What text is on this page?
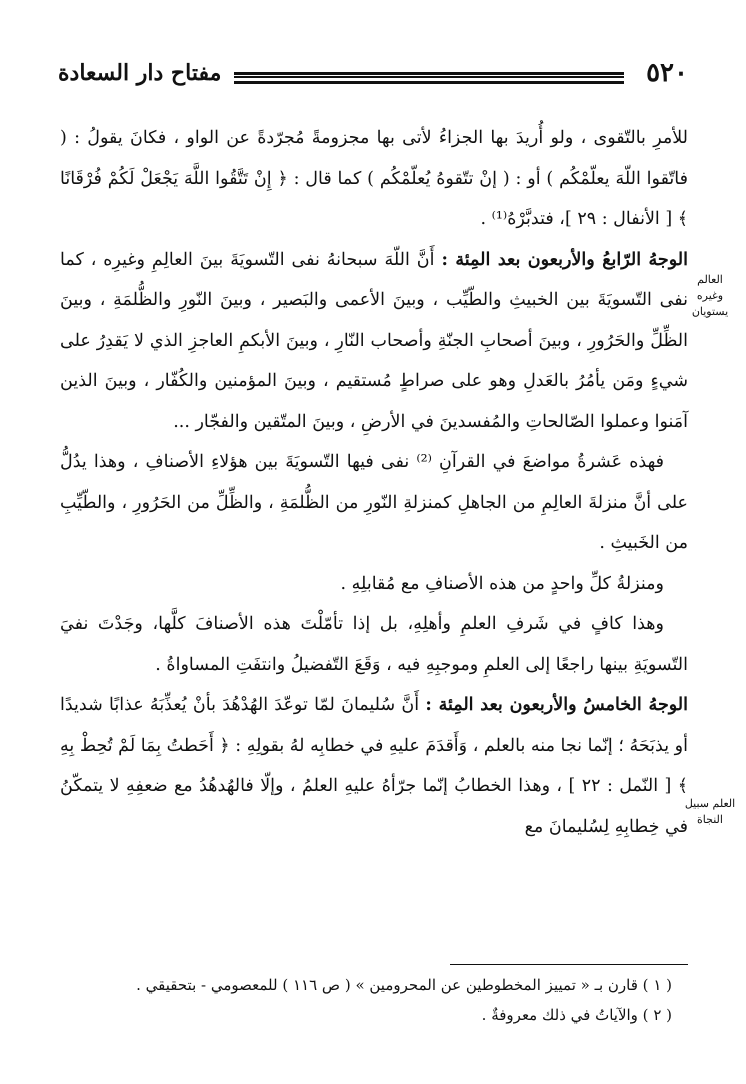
مفتاح دار السعادة	٥٢٠
العالم وغيره يستويان
العلم سبيل النجاة

للأمرِ بالتّقوى ، ولو أُريدَ بها الجزاءُ لأتى بها مجزومةً مُجرّدةً عن الواو ، فكانَ يقولُ : ( فاتّقوا اللّهَ يعلّمْكُم ) أو : ( إنْ تتّقوهُ يُعلّمْكُم ) كما قال : ﴿ إِنْ تَتَّقُوا اللَّهَ يَجْعَلْ لَكُمْ فُرْقَانًا ﴾ [ الأنفال : ٢٩ ]، فتدبَّرْهُ⁽¹⁾ .

الوجهُ الرّابعُ والأربعون بعد المِئة : أَنَّ اللّهَ سبحانهُ نفى التّسويَةَ بينَ العالِمِ وغيرِه ، كما نفى التّسويَةَ بين الخبيثِ والطّيِّب ، وبينَ الأعمى والبَصير ، وبينَ النّورِ والظُّلمَةِ ، وبينَ الظِّلِّ والحَرُورِ ، وبينَ أصحابِ الجنّةِ وأصحاب النّارِ ، وبينَ الأبكمِ العاجزِ الذي لا يَقدِرُ على شيءٍ ومَن يأمُرُ بالعَدلِ وهو على صراطٍ مُستقيم ، وبينَ المؤمنين والكُفّار ، وبينَ الذين آمَنوا وعملوا الصّالحاتِ والمُفسدينَ في الأرضِ ، وبينَ المتّقين والفجّار ...

فهذه عَشرةُ مواضعَ في القرآنِ ⁽²⁾ نفى فيها التّسويَةَ بين هؤلاءِ الأصنافِ ، وهذا يدُلُّ على أنَّ منزلةَ العالِمِ من الجاهلِ كمنزلةِ النّورِ من الظُّلمَةِ ، والظِّلِّ من الحَرُورِ ، والطّيِّبِ من الخَبيثِ .

ومنزلةُ كلِّ واحدٍ من هذه الأصنافِ مع مُقابلِهِ .

وهذا كافٍ في شَرفِ العلمِ وأهلِهِ، بل إذا تأمّلْتَ هذه الأصنافَ كلَّها، وجَدْتَ نفيَ التّسويَةِ بينها راجعًا إلى العلمِ وموجبِهِ فيه ، وَقَعَ التّفضيلُ وانتفَتِ المساواةُ .

الوجهُ الخامسُ والأربعون بعد المِئة : أَنَّ سُليمانَ لمّا توعّدَ الهُدْهُدَ بأنْ يُعذِّبَهُ عذابًا شديدًا أو يذبَحَهُ ؛ إنّما نجا منه بالعلم ، وَأَقدَمَ عليهِ في خطابِه لهُ بقولِهِ : ﴿ أَحَطتُ بِمَا لَمْ تُحِطْ بِهِ ﴾ [ النّمل : ٢٢ ] ، وهذا الخطابُ إنّما جرّأهُ عليهِ العلمُ ، وإلّا فالهُدهُدُ مع ضعفِهِ لا يتمكّنُ في خِطابِهِ لِسُليمانَ مع

( ١ ) قارن بـ « تمييز المخطوطين عن المحرومين » ( ص ١١٦ ) للمعصومي - بتحقيقي .

( ٢ ) والآياتُ في ذلك معروفةٌ .
